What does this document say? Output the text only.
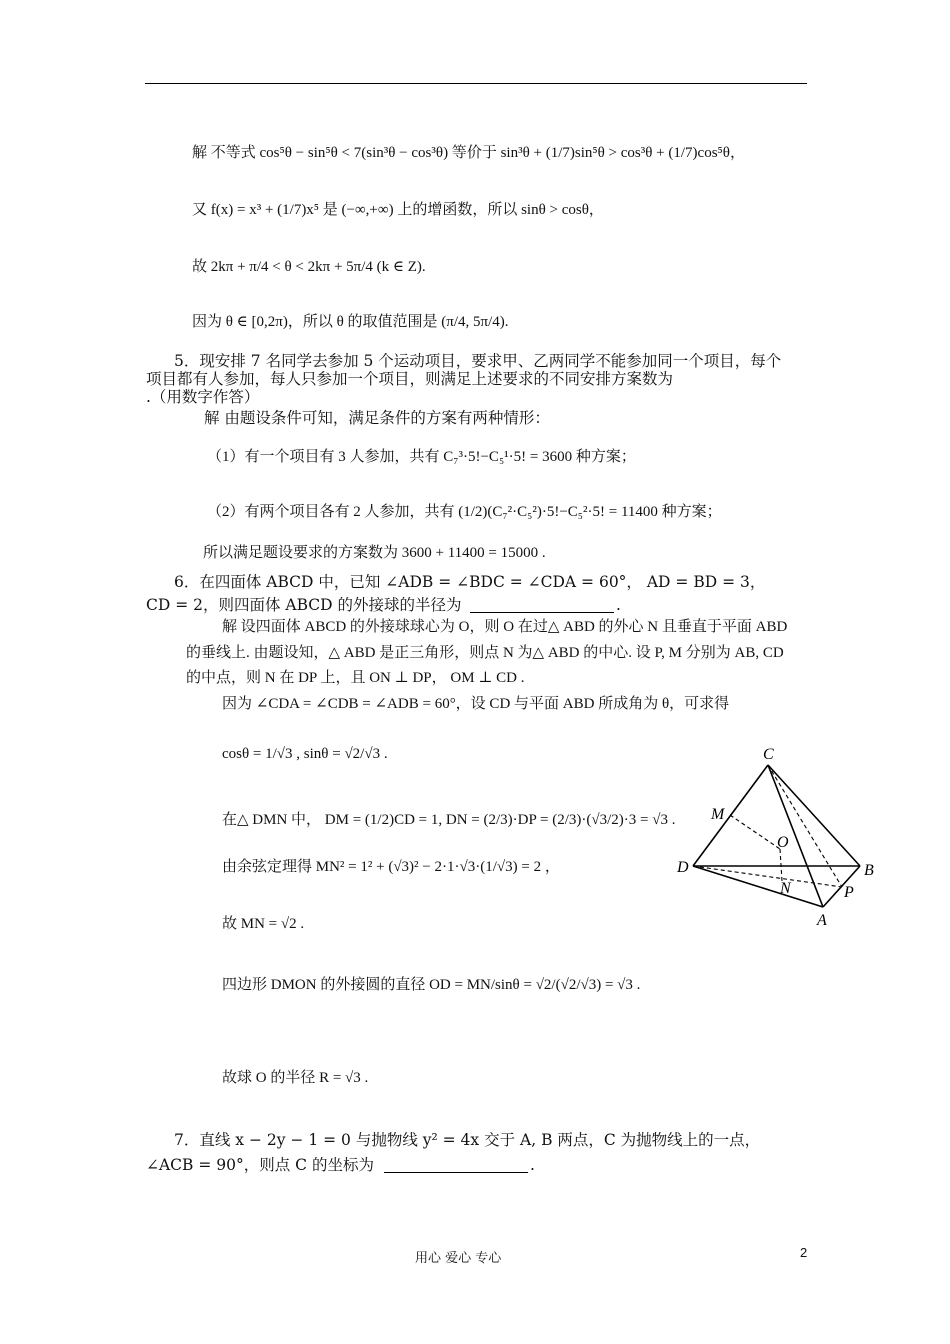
解 不等式 cos⁵θ − sin⁵θ < 7(sin³θ − cos³θ) 等价于 sin³θ + (1/7)sin⁵θ > cos³θ + (1/7)cos⁵θ，
又 f(x) = x³ + (1/7)x⁵ 是 (−∞,+∞) 上的增函数，所以 sinθ > cosθ，
故 2kπ + π/4 < θ < 2kπ + 5π/4 (k ∈ Z).
因为 θ ∈ [0,2π)，所以 θ 的取值范围是 (π/4, 5π/4).
5．现安排 7 名同学去参加 5 个运动项目，要求甲、乙两同学不能参加同一个项目，每个
项目都有人参加，每人只参加一个项目，则满足上述要求的不同安排方案数为
.（用数字作答）
解 由题设条件可知，满足条件的方案有两种情形：
（1）有一个项目有 3 人参加，共有 C₇³·5!−C₅¹·5! = 3600 种方案；
（2）有两个项目各有 2 人参加，共有 (1/2)(C₇²·C₅²)·5!−C₅²·5! = 11400 种方案；
所以满足题设要求的方案数为 3600 + 11400 = 15000 .
6．在四面体 ABCD 中，已知 ∠ADB = ∠BDC = ∠CDA = 60°， AD = BD = 3，
CD = 2，则四面体 ABCD 的外接球的半径为	.
解 设四面体 ABCD 的外接球球心为 O，则 O 在过△ ABD 的外心 N 且垂直于平面 ABD
的垂线上. 由题设知，△ ABD 是正三角形，则点 N 为△ ABD 的中心. 设 P, M 分别为 AB, CD
的中点，则 N 在 DP 上，且 ON ⊥ DP， OM ⊥ CD .
因为 ∠CDA = ∠CDB = ∠ADB = 60°，设 CD 与平面 ABD 所成角为 θ，可求得
cosθ = 1/√3 , sinθ = √2/√3 .
在△ DMN 中， DM = (1/2)CD = 1, DN = (2/3)·DP = (2/3)·(√3/2)·3 = √3 .
由余弦定理得 MN² = 1² + (√3)² − 2·1·√3·(1/√3) = 2 ，
故 MN = √2 .
四边形 DMON 的外接圆的直径 OD = MN/sinθ = √2/(√2/√3) = √3 .
故球 O 的半径 R = √3 .
7．直线 x − 2y − 1 = 0 与抛物线 y² = 4x 交于 A, B 两点，C 为抛物线上的一点，
∠ACB = 90°，则点 C 的坐标为	.
C
M
O
D	B
N	P
A
用心 爱心 专心	2
